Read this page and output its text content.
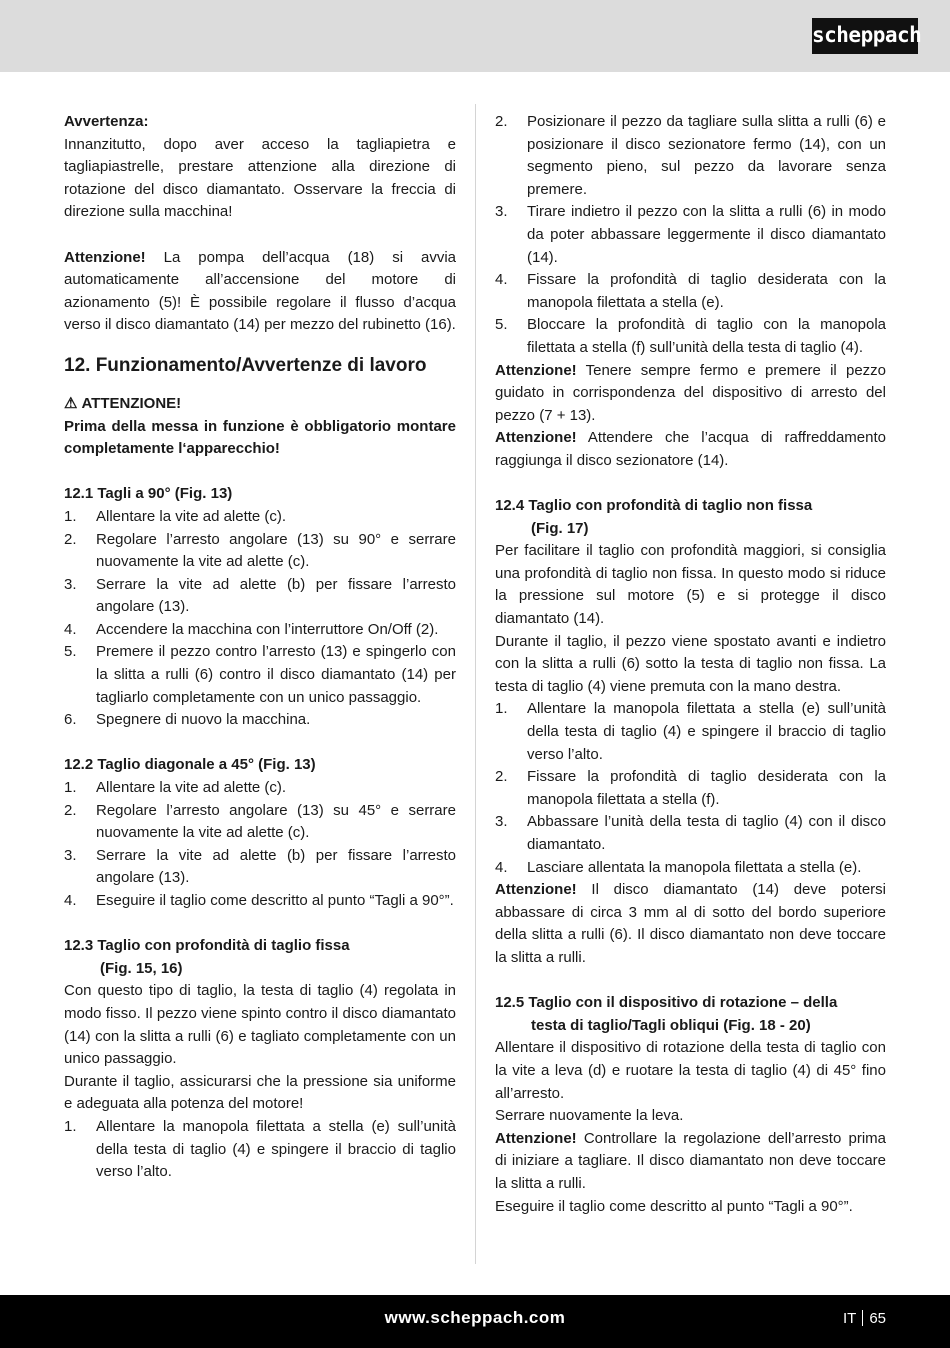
scheppach

Avvertenza:

Innanzitutto, dopo aver acceso la tagliapietra e tagliapiastrelle, prestare attenzione alla direzione di rotazione del disco diamantato. Osservare la freccia di direzione sulla macchina!

Attenzione! La pompa dell’acqua (18) si avvia automaticamente all’accensione del motore di azionamento (5)! È possibile regolare il flusso d’acqua verso il disco diamantato (14) per mezzo del rubinetto (16).

12. Funzionamento/Avvertenze di lavoro

⚠ ATTENZIONE!

Prima della messa in funzione è obbligatorio montare completamente l‘apparecchio!

12.1 Tagli a 90° (Fig. 13)

1. Allentare la vite ad alette (c).
2. Regolare l’arresto angolare (13) su 90° e serrare nuovamente la vite ad alette (c).
3. Serrare la vite ad alette (b) per fissare l’arresto angolare (13).
4. Accendere la macchina con l’interruttore On/Off (2).
5. Premere il pezzo contro l’arresto (13) e spingerlo con la slitta a rulli (6) contro il disco diamantato (14) per tagliarlo completamente con un unico passaggio.
6. Spegnere di nuovo la macchina.

12.2 Taglio diagonale a 45° (Fig. 13)

1. Allentare la vite ad alette (c).
2. Regolare l’arresto angolare (13) su 45° e serrare nuovamente la vite ad alette (c).
3. Serrare la vite ad alette (b) per fissare l’arresto angolare (13).
4. Eseguire il taglio come descritto al punto “Tagli a 90°”.

12.3 Taglio con profondità di taglio fissa

(Fig. 15, 16)

Con questo tipo di taglio, la testa di taglio (4) regolata in modo fisso. Il pezzo viene spinto contro il disco diamantato (14) con la slitta a rulli (6) e tagliato completamente con un unico passaggio.

Durante il taglio, assicurarsi che la pressione sia uniforme e adeguata alla potenza del motore!

1. Allentare la manopola filettata a stella (e) sull’unità della testa di taglio (4) e spingere il braccio di taglio verso l’alto.
2. Posizionare il pezzo da tagliare sulla slitta a rulli (6) e posizionare il disco sezionatore fermo (14), con un segmento pieno, sul pezzo da lavorare senza premere.
3. Tirare indietro il pezzo con la slitta a rulli (6) in modo da poter abbassare leggermente il disco diamantato (14).
4. Fissare la profondità di taglio desiderata con la manopola filettata a stella (e).
5. Bloccare la profondità di taglio con la manopola filettata a stella (f) sull’unità della testa di taglio (4).

Attenzione! Tenere sempre fermo e premere il pezzo guidato in corrispondenza del dispositivo di arresto del pezzo (7 + 13).

Attenzione! Attendere che l’acqua di raffreddamento raggiunga il disco sezionatore (14).

12.4 Taglio con profondità di taglio non fissa

(Fig. 17)

Per facilitare il taglio con profondità maggiori, si consiglia una profondità di taglio non fissa. In questo modo si riduce la pressione sul motore (5) e si protegge il disco diamantato (14).

Durante il taglio, il pezzo viene spostato avanti e indietro con la slitta a rulli (6) sotto la testa di taglio non fissa. La testa di taglio (4) viene premuta con la mano destra.

1. Allentare la manopola filettata a stella (e) sull’unità della testa di taglio (4) e spingere il braccio di taglio verso l’alto.
2. Fissare la profondità di taglio desiderata con la manopola filettata a stella (f).
3. Abbassare l’unità della testa di taglio (4) con il disco diamantato.
4. Lasciare allentata la manopola filettata a stella (e).

Attenzione! Il disco diamantato (14) deve potersi abbassare di circa 3 mm al di sotto del bordo superiore della slitta a rulli (6). Il disco diamantato non deve toccare la slitta a rulli.

12.5 Taglio con il dispositivo di rotazione – della

testa di taglio/Tagli obliqui (Fig. 18 - 20)

Allentare il dispositivo di rotazione della testa di taglio con la vite a leva (d) e ruotare la testa di taglio (4) di 45° fino all’arresto.

Serrare nuovamente la leva.

Attenzione! Controllare la regolazione dell’arresto prima di iniziare a tagliare. Il disco diamantato non deve toccare la slitta a rulli.

Eseguire il taglio come descritto al punto “Tagli a 90°”.

www.scheppach.com	IT 65
